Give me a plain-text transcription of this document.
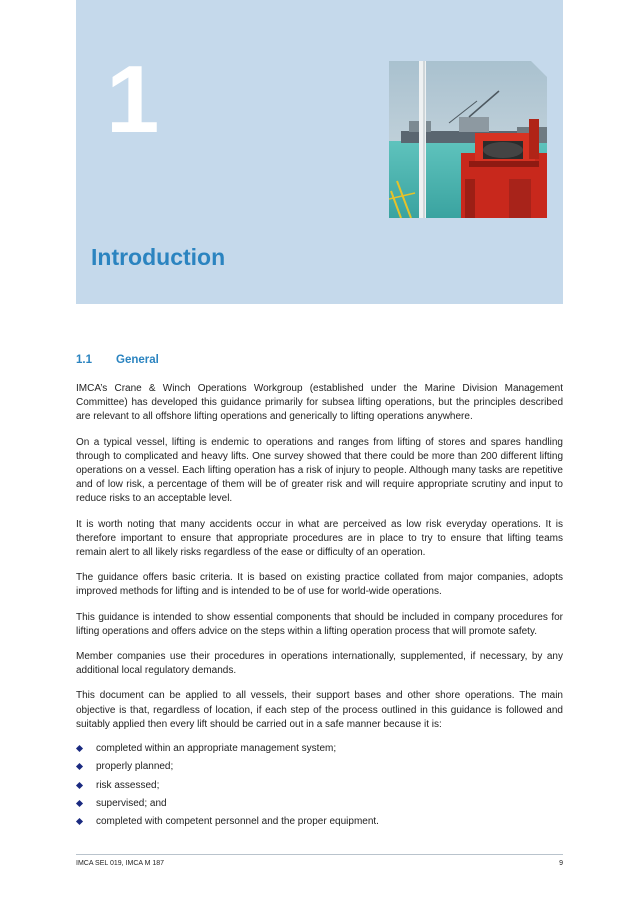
1
Introduction
1.1	General

IMCA’s Crane & Winch Operations Workgroup (established under the Marine Division Management Committee) has developed this guidance primarily for subsea lifting operations, but the principles described are relevant to all offshore lifting operations and generically to lifting operations anywhere.

On a typical vessel, lifting is endemic to operations and ranges from lifting of stores and spares handling through to complicated and heavy lifts. One survey showed that there could be more than 200 different lifting operations on a vessel. Each lifting operation has a risk of injury to people. Although many tasks are repetitive and of low risk, a percentage of them will be of greater risk and will require appropriate scrutiny and input to reduce risks to an acceptable level.

It is worth noting that many accidents occur in what are perceived as low risk everyday operations. It is therefore important to ensure that appropriate procedures are in place to try to ensure that lifting teams remain alert to all likely risks regardless of the ease or difficulty of an operation.

The guidance offers basic criteria. It is based on existing practice collated from major companies, adopts improved methods for lifting and is intended to be of use for world-wide operations.

This guidance is intended to show essential components that should be included in company procedures for lifting operations and offers advice on the steps within a lifting operation process that will promote safety.

Member companies use their procedures in operations internationally, supplemented, if necessary, by any additional local regulatory demands.

This document can be applied to all vessels, their support bases and other shore operations. The main objective is that, regardless of location, if each step of the process outlined in this guidance is followed and suitably applied then every lift should be carried out in a safe manner because it is:

completed within an appropriate management system;
properly planned;
risk assessed;
supervised; and
completed with competent personnel and the proper equipment.
IMCA SEL 019, IMCA M 187	9
